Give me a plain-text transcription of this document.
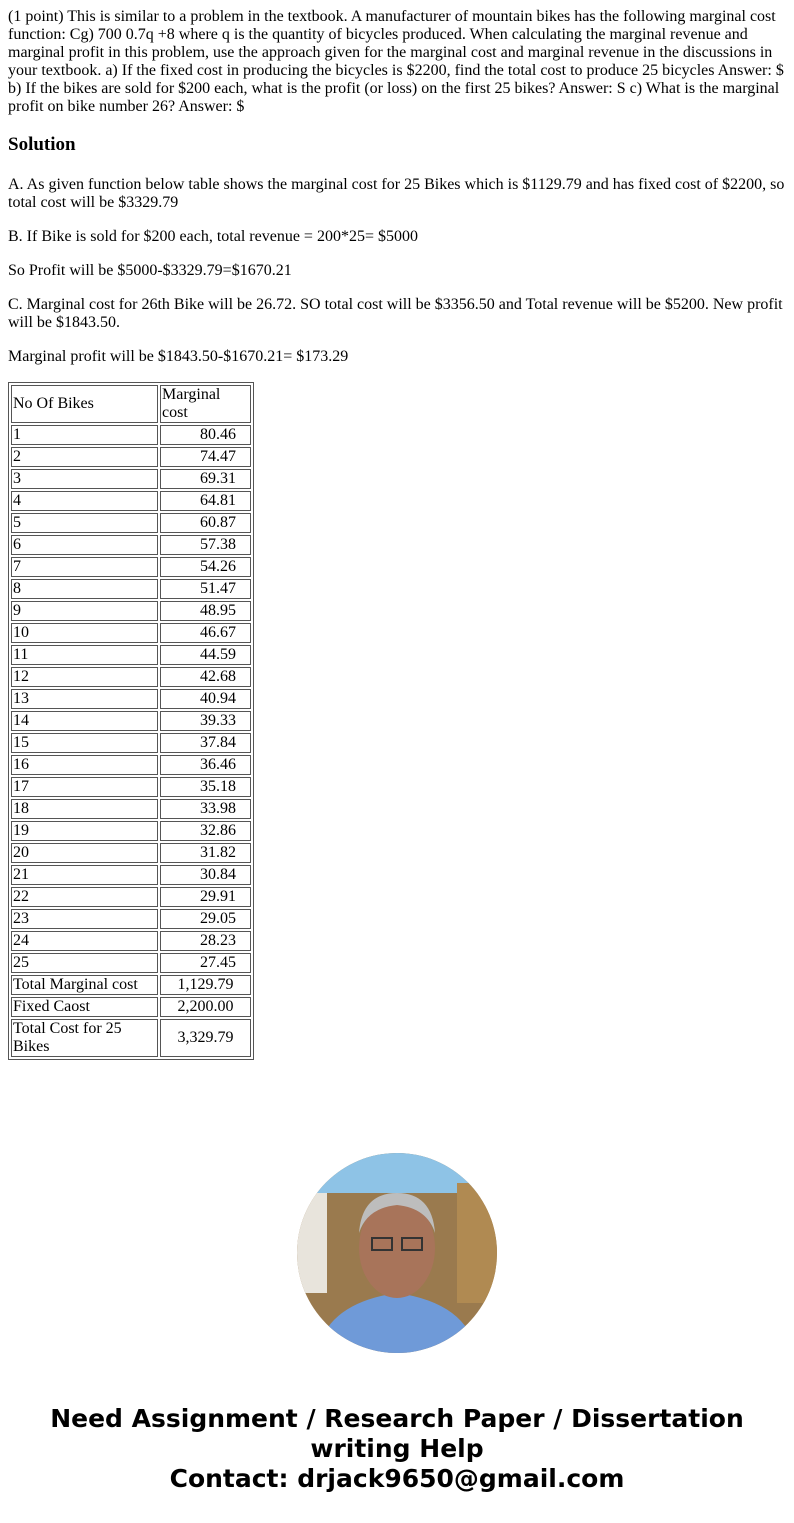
(1 point) This is similar to a problem in the textbook. A manufacturer of mountain bikes has the following marginal cost function: Cg) 700 0.7q +8 where q is the quantity of bicycles produced. When calculating the marginal revenue and marginal profit in this problem, use the approach given for the marginal cost and marginal revenue in the discussions in your textbook. a) If the fixed cost in producing the bicycles is $2200, find the total cost to produce 25 bicycles Answer: $ b) If the bikes are sold for $200 each, what is the profit (or loss) on the first 25 bikes? Answer: S c) What is the marginal profit on bike number 26? Answer: $

Solution

A. As given function below table shows the marginal cost for 25 Bikes which is $1129.79 and has fixed cost of $2200, so total cost will be $3329.79

B. If Bike is sold for $200 each, total revenue = 200*25= $5000

So Profit will be $5000-$3329.79=$1670.21

C. Marginal cost for 26th Bike will be 26.72. SO total cost will be $3356.50 and Total revenue will be $5200. New profit will be $1843.50.

Marginal profit will be $1843.50-$1670.21= $173.29

No Of Bikes	Marginal cost
1	80.46
2	74.47
3	69.31
4	64.81
5	60.87
6	57.38
7	54.26
8	51.47
9	48.95
10	46.67
11	44.59
12	42.68
13	40.94
14	39.33
15	37.84
16	36.46
17	35.18
18	33.98
19	32.86
20	31.82
21	30.84
22	29.91
23	29.05
24	28.23
25	27.45
Total Marginal cost	1,129.79
Fixed Caost	2,200.00
Total Cost for 25 Bikes	3,329.79
Need Assignment / Research Paper / Dissertation writing Help
Contact: drjack9650@gmail.com
